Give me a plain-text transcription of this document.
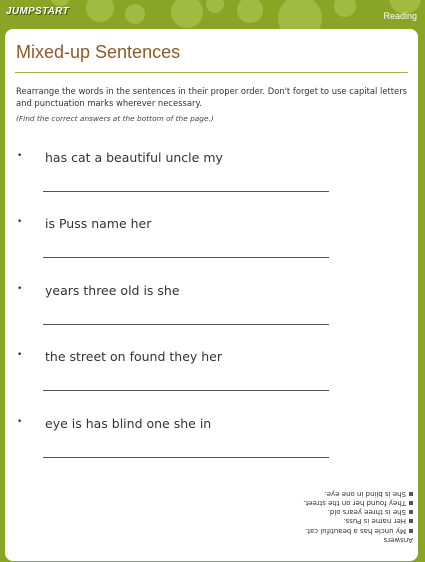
JUMPSTART	Reading
Mixed-up Sentences

Rearrange the words in the sentences in their proper order. Don't forget to use capital letters and punctuation marks wherever necessary.

(Find the correct answers at the bottom of the page.)

• has cat a beautiful uncle my
• is Puss name her
• years three old is she
• the street on found they her
• eye is has blind one she in
Answers
My uncle has a beautiful cat.
Her name is Puss.
She is three years old.
They found her on the street.
She is blind in one eye.
